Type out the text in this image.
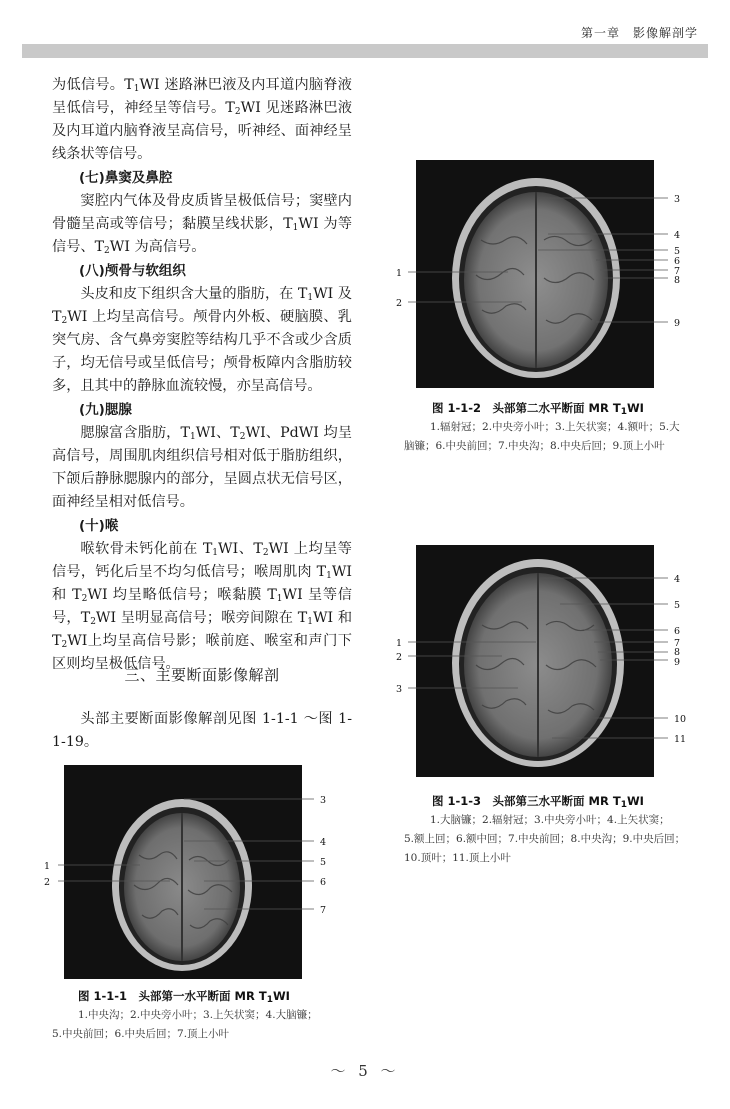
第一章　影像解剖学

为低信号。$T_1WI$ 迷路淋巴液及内耳道内脑脊液呈低信号，神经呈等信号。$T_2WI$ 见迷路淋巴液及内耳道内脑脊液呈高信号，听神经、面神经呈线条状等信号。

(七)鼻窦及鼻腔

窦腔内气体及骨皮质皆呈极低信号；窦壁内骨髓呈高或等信号；黏膜呈线状影，$T_1WI$ 为等信号、$T_2WI$ 为高信号。

(八)颅骨与软组织

头皮和皮下组织含大量的脂肪，在 $T_1WI$ 及 $T_2WI$ 上均呈高信号。颅骨内外板、硬脑膜、乳突气房、含气鼻旁窦腔等结构几乎不含或少含质子，均无信号或呈低信号；颅骨板障内含脂肪较多，且其中的静脉血流较慢，亦呈高信号。

(九)腮腺

腮腺富含脂肪，$T_1WI$、$T_2WI$、PdWI 均呈高信号，周围肌肉组织信号相对低于脂肪组织，下颌后静脉腮腺内的部分，呈圆点状无信号区，面神经呈相对低信号。

(十)喉

喉软骨未钙化前在 $T_1WI$、$T_2WI$ 上均呈等信号，钙化后呈不均匀低信号；喉周肌肉 $T_1WI$ 和 $T_2WI$ 均呈略低信号；喉黏膜 $T_1WI$ 呈等信号，$T_2WI$ 呈明显高信号；喉旁间隙在 $T_1WI$ 和 $T_2WI$上均呈高信号影；喉前庭、喉室和声门下区则均呈极低信号。

三、主要断面影像解剖

头部主要断面影像解剖见图 1-1-1 ～图 1-1-19。

3
4
5
6
7
1
2
图 1-1-1　头部第一水平断面 MR $T_1WI$
1.中央沟；2.中央旁小叶；3.上矢状窦；4.大脑镰；
5.中央前回；6.中央后回；7.顶上小叶
3
4
5
6
7
8
9
1
2
图 1-1-2　头部第二水平断面 MR $T_1WI$
1.辐射冠；2.中央旁小叶；3.上矢状窦；4.额叶；5.大
脑镰；6.中央前回；7.中央沟；8.中央后回；9.顶上小叶
4
5
6
7
8
9
10
11
1
2
3
图 1-1-3　头部第三水平断面 MR $T_1WI$
1.大脑镰；2.辐射冠；3.中央旁小叶；4.上矢状窦；
5.额上回；6.额中回；7.中央前回；8.中央沟；9.中央后回；
10.顶叶；11.顶上小叶
～ 5 ～
